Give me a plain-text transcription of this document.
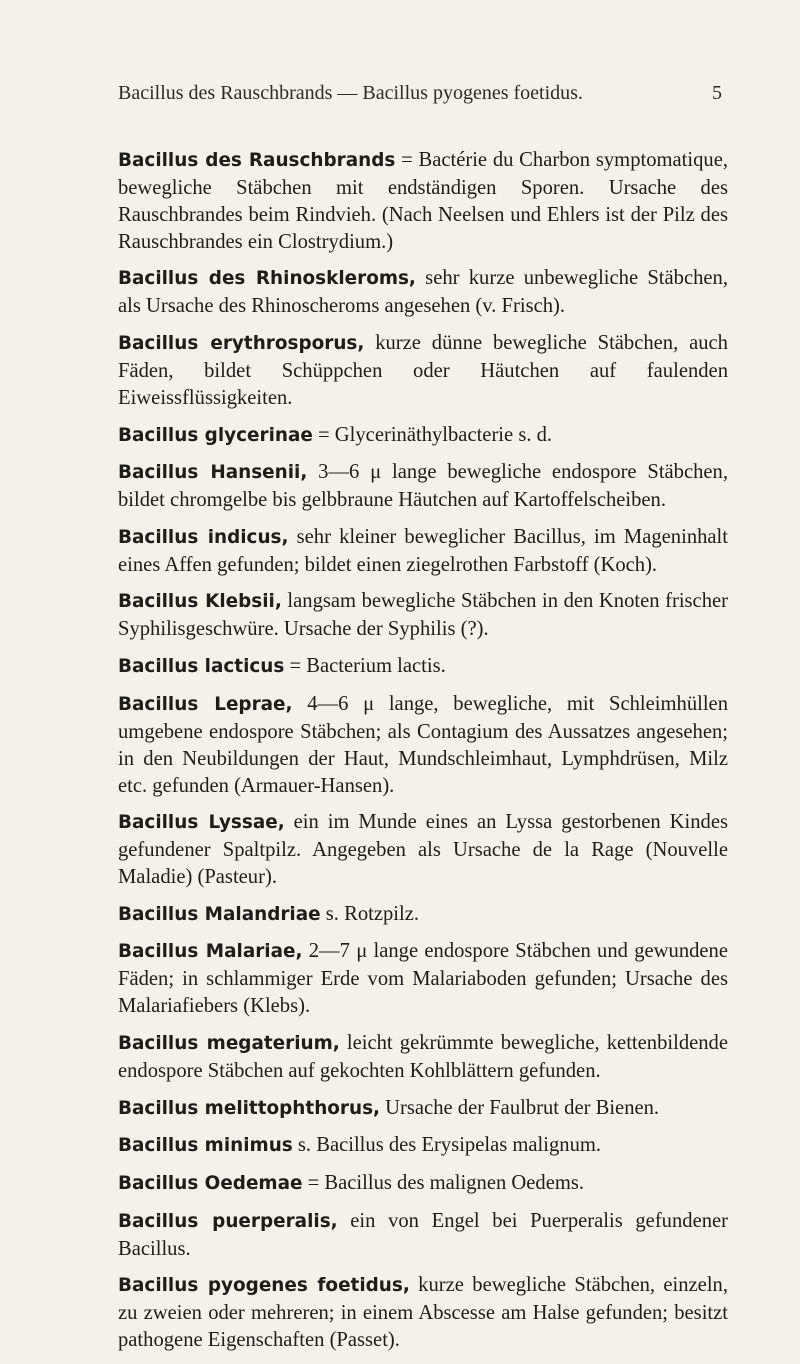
Bacillus des Rauschbrands — Bacillus pyogenes foetidus.	5

Bacillus des Rauschbrands = Bactérie du Charbon symptomatique, bewegliche Stäbchen mit endständigen Sporen. Ursache des Rauschbrandes beim Rindvieh. (Nach Neelsen und Ehlers ist der Pilz des Rauschbrandes ein Clostrydium.)

Bacillus des Rhinoskleroms, sehr kurze unbewegliche Stäbchen, als Ursache des Rhinoscheroms angesehen (v. Frisch).

Bacillus erythrosporus, kurze dünne bewegliche Stäbchen, auch Fäden, bildet Schüppchen oder Häutchen auf faulenden Eiweissflüssigkeiten.

Bacillus glycerinae = Glycerinäthylbacterie s. d.

Bacillus Hansenii, 3—6 μ lange bewegliche endospore Stäbchen, bildet chromgelbe bis gelbbraune Häutchen auf Kartoffelscheiben.

Bacillus indicus, sehr kleiner beweglicher Bacillus, im Mageninhalt eines Affen gefunden; bildet einen ziegelrothen Farbstoff (Koch).

Bacillus Klebsii, langsam bewegliche Stäbchen in den Knoten frischer Syphilisgeschwüre. Ursache der Syphilis (?).

Bacillus lacticus = Bacterium lactis.

Bacillus Leprae, 4—6 μ lange, bewegliche, mit Schleimhüllen umgebene endospore Stäbchen; als Contagium des Aussatzes angesehen; in den Neubildungen der Haut, Mundschleimhaut, Lymphdrüsen, Milz etc. gefunden (Armauer-Hansen).

Bacillus Lyssae, ein im Munde eines an Lyssa gestorbenen Kindes gefundener Spaltpilz. Angegeben als Ursache de la Rage (Nouvelle Maladie) (Pasteur).

Bacillus Malandriae s. Rotzpilz.

Bacillus Malariae, 2—7 μ lange endospore Stäbchen und gewundene Fäden; in schlammiger Erde vom Malariaboden gefunden; Ursache des Malariafiebers (Klebs).

Bacillus megaterium, leicht gekrümmte bewegliche, kettenbildende endospore Stäbchen auf gekochten Kohlblättern gefunden.

Bacillus melittophthorus, Ursache der Faulbrut der Bienen.

Bacillus minimus s. Bacillus des Erysipelas malignum.

Bacillus Oedemae = Bacillus des malignen Oedems.

Bacillus puerperalis, ein von Engel bei Puerperalis gefundener Bacillus.

Bacillus pyogenes foetidus, kurze bewegliche Stäbchen, einzeln, zu zweien oder mehreren; in einem Abscesse am Halse gefunden; besitzt pathogene Eigenschaften (Passet).
